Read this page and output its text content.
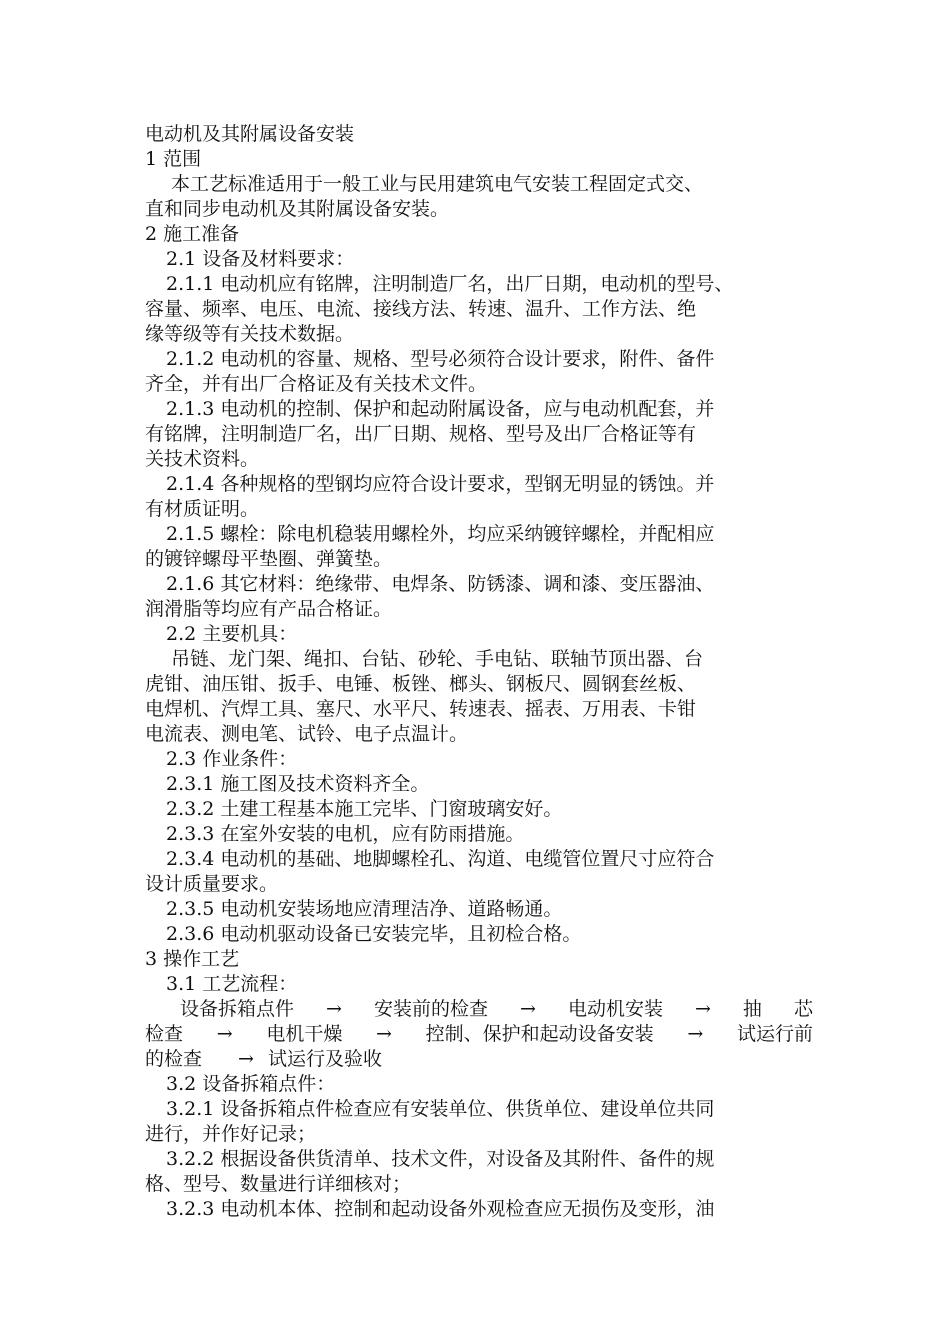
电动机及其附属设备安装
1 范围
本工艺标准适用于一般工业与民用建筑电气安装工程固定式交、
直和同步电动机及其附属设备安装。
2 施工准备
2.1 设备及材料要求：
2.1.1 电动机应有铭牌，注明制造厂名，出厂日期，电动机的型号、
容量、频率、电压、电流、接线方法、转速、温升、工作方法、绝
缘等级等有关技术数据。
2.1.2 电动机的容量、规格、型号必须符合设计要求，附件、备件
齐全，并有出厂合格证及有关技术文件。
2.1.3 电动机的控制、保护和起动附属设备，应与电动机配套，并
有铭牌，注明制造厂名，出厂日期、规格、型号及出厂合格证等有
关技术资料。
2.1.4 各种规格的型钢均应符合设计要求，型钢无明显的锈蚀。并
有材质证明。
2.1.5 螺栓：除电机稳装用螺栓外，均应采纳镀锌螺栓，并配相应
的镀锌螺母平垫圈、弹簧垫。
2.1.6 其它材料：绝缘带、电焊条、防锈漆、调和漆、变压器油、
润滑脂等均应有产品合格证。
2.2 主要机具：
吊链、龙门架、绳扣、台钻、砂轮、手电钻、联轴节顶出器、台
虎钳、油压钳、扳手、电锤、板锉、榔头、钢板尺、圆钢套丝板、
电焊机、汽焊工具、塞尺、水平尺、转速表、摇表、万用表、卡钳
电流表、测电笔、试铃、电子点温计。
2.3 作业条件：
2.3.1 施工图及技术资料齐全。
2.3.2 土建工程基本施工完毕、门窗玻璃安好。
2.3.3 在室外安装的电机，应有防雨措施。
2.3.4 电动机的基础、地脚螺栓孔、沟道、电缆管位置尺寸应符合
设计质量要求。
2.3.5 电动机安装场地应清理洁净、道路畅通。
2.3.6 电动机驱动设备已安装完毕，且初检合格。
3 操作工艺
3.1 工艺流程：
设备拆箱点件 → 安装前的检查 → 电动机安装 → 抽 芯
检查 → 电机干燥 → 控制、保护和起动设备安装 → 试运行前
的检查 → 试运行及验收
3.2 设备拆箱点件：
3.2.1 设备拆箱点件检查应有安装单位、供货单位、建设单位共同
进行，并作好记录；
3.2.2 根据设备供货清单、技术文件，对设备及其附件、备件的规
格、型号、数量进行详细核对；
3.2.3 电动机本体、控制和起动设备外观检查应无损伤及变形，油
